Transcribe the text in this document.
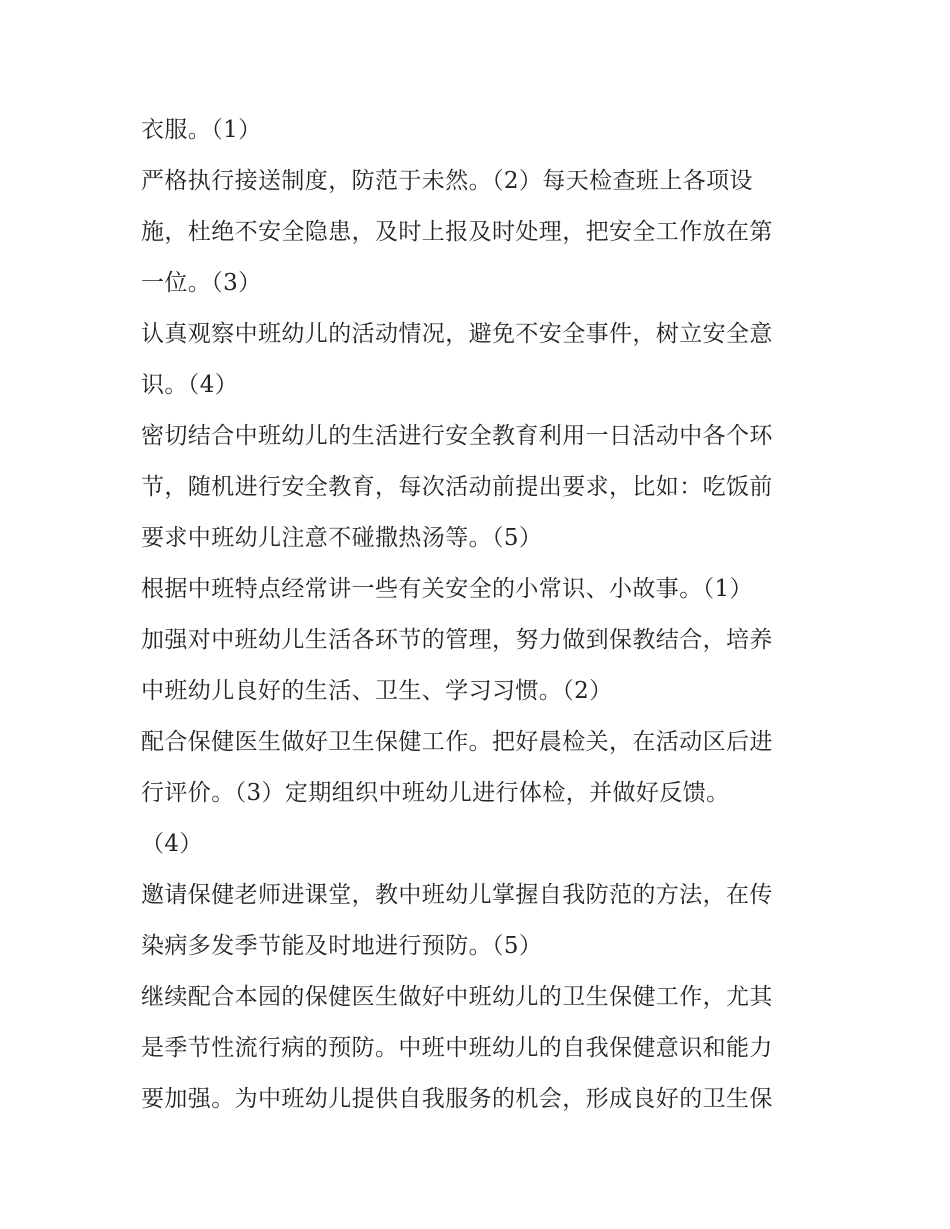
衣服。（1）
严格执行接送制度，防范于未然。（2）每天检查班上各项设
施，杜绝不安全隐患，及时上报及时处理，把安全工作放在第
一位。（3）
认真观察中班幼儿的活动情况，避免不安全事件，树立安全意
识。（4）
密切结合中班幼儿的生活进行安全教育利用一日活动中各个环
节，随机进行安全教育，每次活动前提出要求，比如：吃饭前
要求中班幼儿注意不碰撒热汤等。（5）
根据中班特点经常讲一些有关安全的小常识、小故事。（1）
加强对中班幼儿生活各环节的管理，努力做到保教结合，培养
中班幼儿良好的生活、卫生、学习习惯。（2）
配合保健医生做好卫生保健工作。把好晨检关，在活动区后进
行评价。（3）定期组织中班幼儿进行体检，并做好反馈。
（4）
邀请保健老师进课堂，教中班幼儿掌握自我防范的方法，在传
染病多发季节能及时地进行预防。（5）
继续配合本园的保健医生做好中班幼儿的卫生保健工作，尤其
是季节性流行病的预防。中班中班幼儿的自我保健意识和能力
要加强。为中班幼儿提供自我服务的机会，形成良好的卫生保
